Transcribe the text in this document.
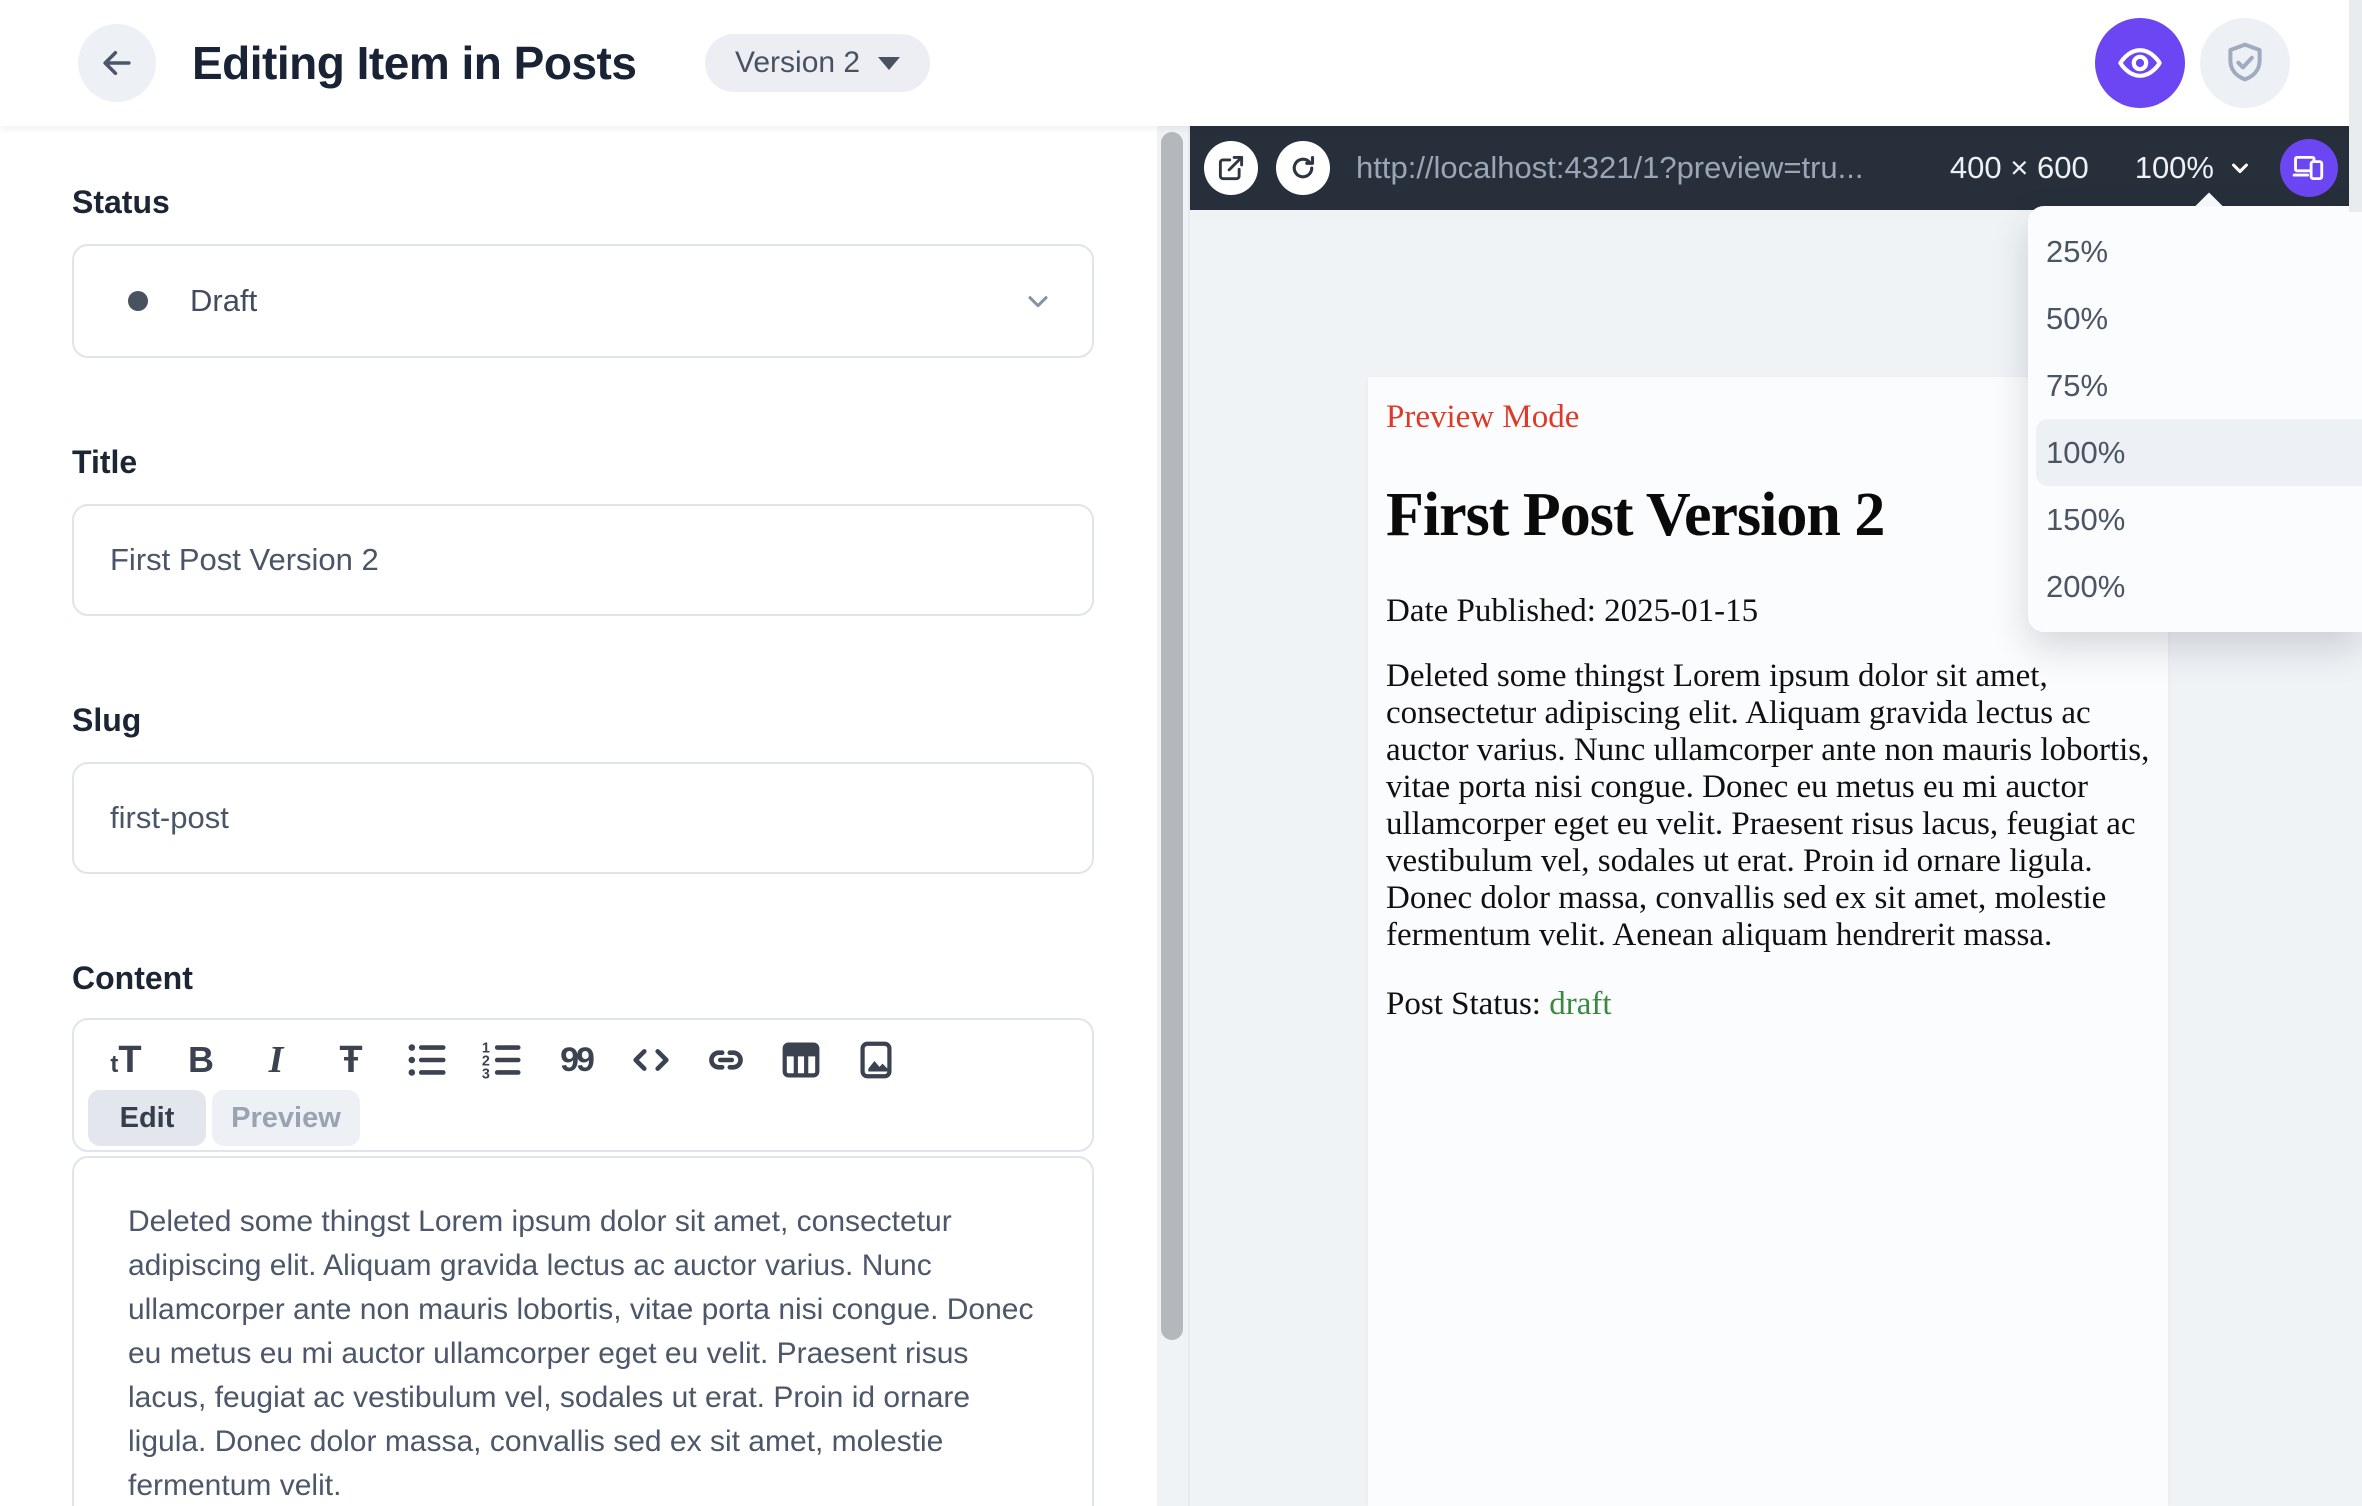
Editing Item in Posts	Version 2
Status
Draft
Title
First Post Version 2
Slug
first-post
Content
tT B I Ŧ	1
2
3 99
Edit	Preview

Deleted some thingst Lorem ipsum dolor sit amet, consectetur adipiscing elit. Aliquam gravida lectus ac auctor varius. Nunc ullamcorper ante non mauris lobortis, vitae porta nisi congue. Donec eu metus eu mi auctor ullamcorper eget eu velit. Praesent risus lacus, feugiat ac vestibulum vel, sodales ut erat. Proin id ornare ligula. Donec dolor massa, convallis sed ex sit amet, molestie fermentum velit.

http://localhost:4321/1?preview=tru...	400 × 600 100%

Preview Mode

First Post Version 2

Date Published: 2025-01-15

Deleted some thingst Lorem ipsum dolor sit amet, consectetur adipiscing elit. Aliquam gravida lectus ac auctor varius. Nunc ullamcorper ante non mauris lobortis, vitae porta nisi congue. Donec eu metus eu mi auctor ullamcorper eget eu velit. Praesent risus lacus, feugiat ac vestibulum vel, sodales ut erat. Proin id ornare ligula. Donec dolor massa, convallis sed ex sit amet, molestie fermentum velit. Aenean aliquam hendrerit massa.

Post Status: draft

25%
50%
75%
100%
150%
200%
